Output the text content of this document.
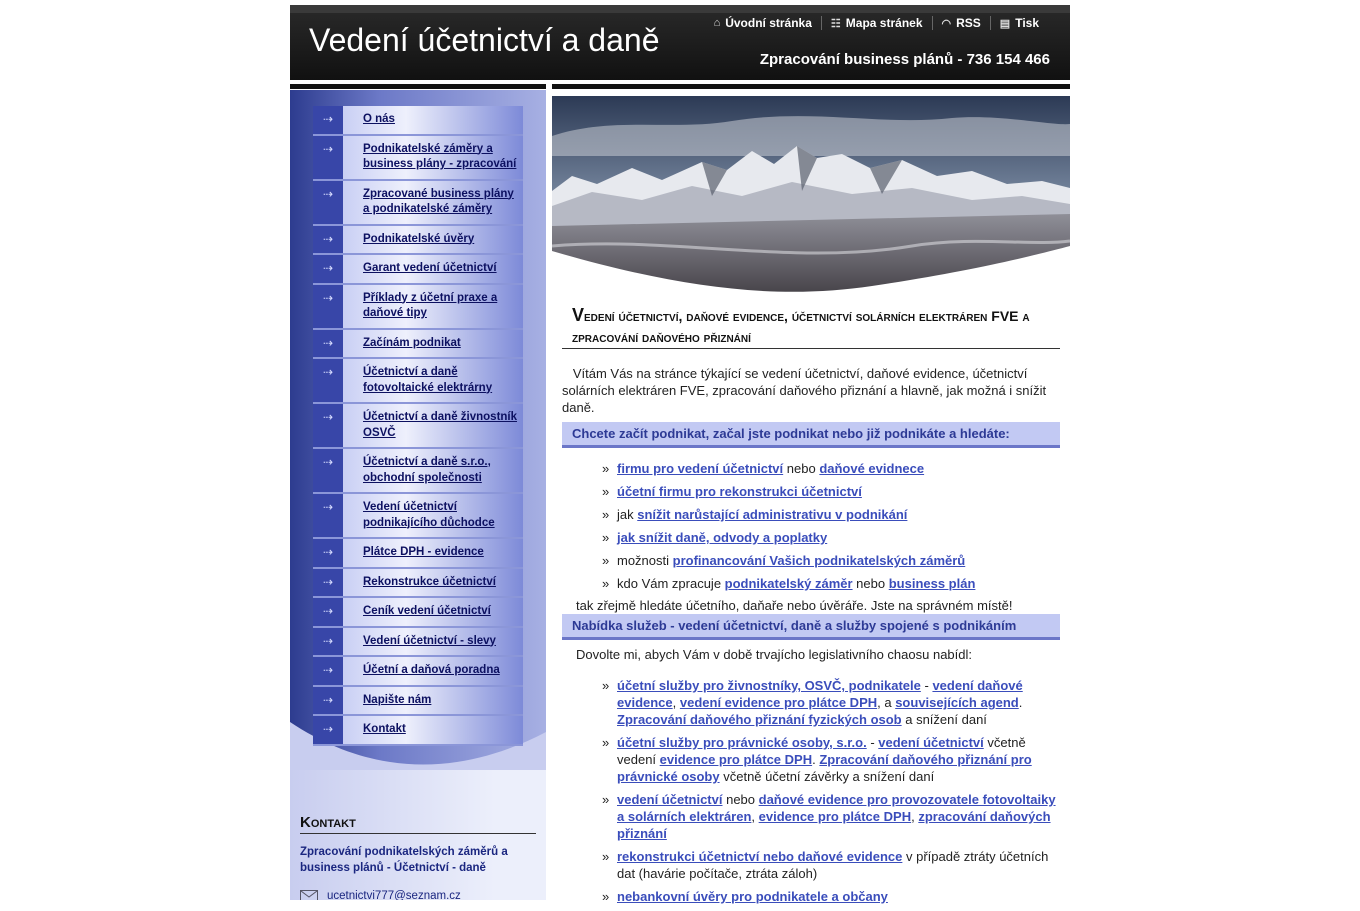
Vedení účetnictví a daně	⌂ Úvodní stránka ☷ Mapa stránek ◠ RSS ▤ Tisk
Zpracování business plánů - 736 154 466
⇢	O nás
⇢	Podnikatelské záměry a business plány - zpracování
⇢	Zpracované business plány a podnikatelské záměry
⇢	Podnikatelské úvěry
⇢	Garant vedení účetnictví
⇢	Příklady z účetní praxe a daňové tipy
⇢	Začínám podnikat
⇢	Účetnictví a daně fotovoltaické elektrárny
⇢	Účetnictví a daně živnostník OSVČ
⇢	Účetnictví a daně s.r.o., obchodní společnosti
⇢	Vedení účetnictví podnikajícího důchodce
⇢	Plátce DPH - evidence
⇢	Rekonstrukce účetnictví
⇢	Ceník vedení účetnictví
⇢	Vedení účetnictví - slevy
⇢	Účetní a daňová poradna
⇢	Napište nám
⇢	Kontakt
Kontakt
Zpracování podnikatelských záměrů a business plánů - Účetnictví - daně
ucetnictvi777@seznam.cz
Vedení účetnictví, daňové evidence, účetnictví solárních elektráren FVE a zpracování daňového přiznání

Vítám Vás na stránce týkající se vedení účetnictví, daňové evidence, účetnictví solárních elektráren FVE, zpracování daňového přiznání a hlavně, jak možná i snížit daně.

Chcete začít podnikat, začal jste podnikat nebo již podnikáte a hledáte:
» firmu pro vedení účetnictví nebo daňové evidnece
» účetní firmu pro rekonstrukci účetnictví
» jak snížit narůstající administrativu v podnikání
» jak snížit daně, odvody a poplatky
» možnosti profinancování Vašich podnikatelských záměrů
» kdo Vám zpracuje podnikatelský záměr nebo business plán
tak zřejmě hledáte účetního, daňaře nebo úvěráře. Jste na správném místě!
Nabídka služeb - vedení účetnictví, daně a služby spojené s podnikáním
Dovolte mi, abych Vám v době trvajícho legislativního chaosu nabídl:
» účetní služby pro živnostníky, OSVČ, podnikatele - vedení daňové evidence, vedení evidence pro plátce DPH, a souvisejících agend. Zpracování daňového přiznání fyzických osob a snížení daní
» účetní služby pro právnické osoby, s.r.o. - vedení účetnictví včetně vedení evidence pro plátce DPH. Zpracování daňového přiznání pro právnické osoby včetně účetní závěrky a snížení daní
» vedení účetnictví nebo daňové evidence pro provozovatele fotovoltaiky a solárních elektráren, evidence pro plátce DPH, zpracování daňových přiznání
» rekonstrukci účetnictví nebo daňové evidence v případě ztráty účetních dat (havárie počítače, ztráta záloh)
» nebankovní úvěry pro podnikatele a občany
